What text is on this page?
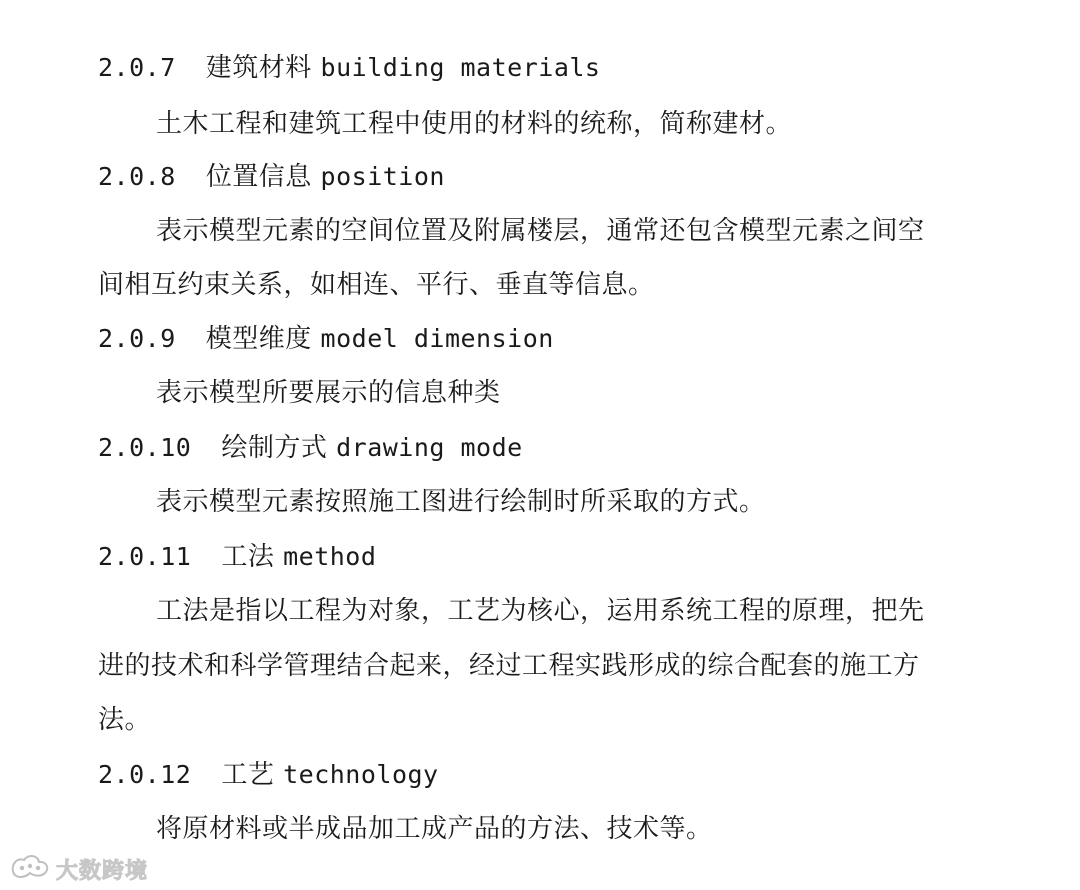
2.0.7 建筑材料 building materials
土木工程和建筑工程中使用的材料的统称，简称建材。
2.0.8 位置信息 position
表示模型元素的空间位置及附属楼层，通常还包含模型元素之间空
间相互约束关系，如相连、平行、垂直等信息。
2.0.9 模型维度 model dimension
表示模型所要展示的信息种类
2.0.10 绘制方式 drawing mode
表示模型元素按照施工图进行绘制时所采取的方式。
2.0.11 工法 method
工法是指以工程为对象，工艺为核心，运用系统工程的原理，把先
进的技术和科学管理结合起来，经过工程实践形成的综合配套的施工方
法。
2.0.12 工艺 technology
将原材料或半成品加工成产品的方法、技术等。
大数跨境
